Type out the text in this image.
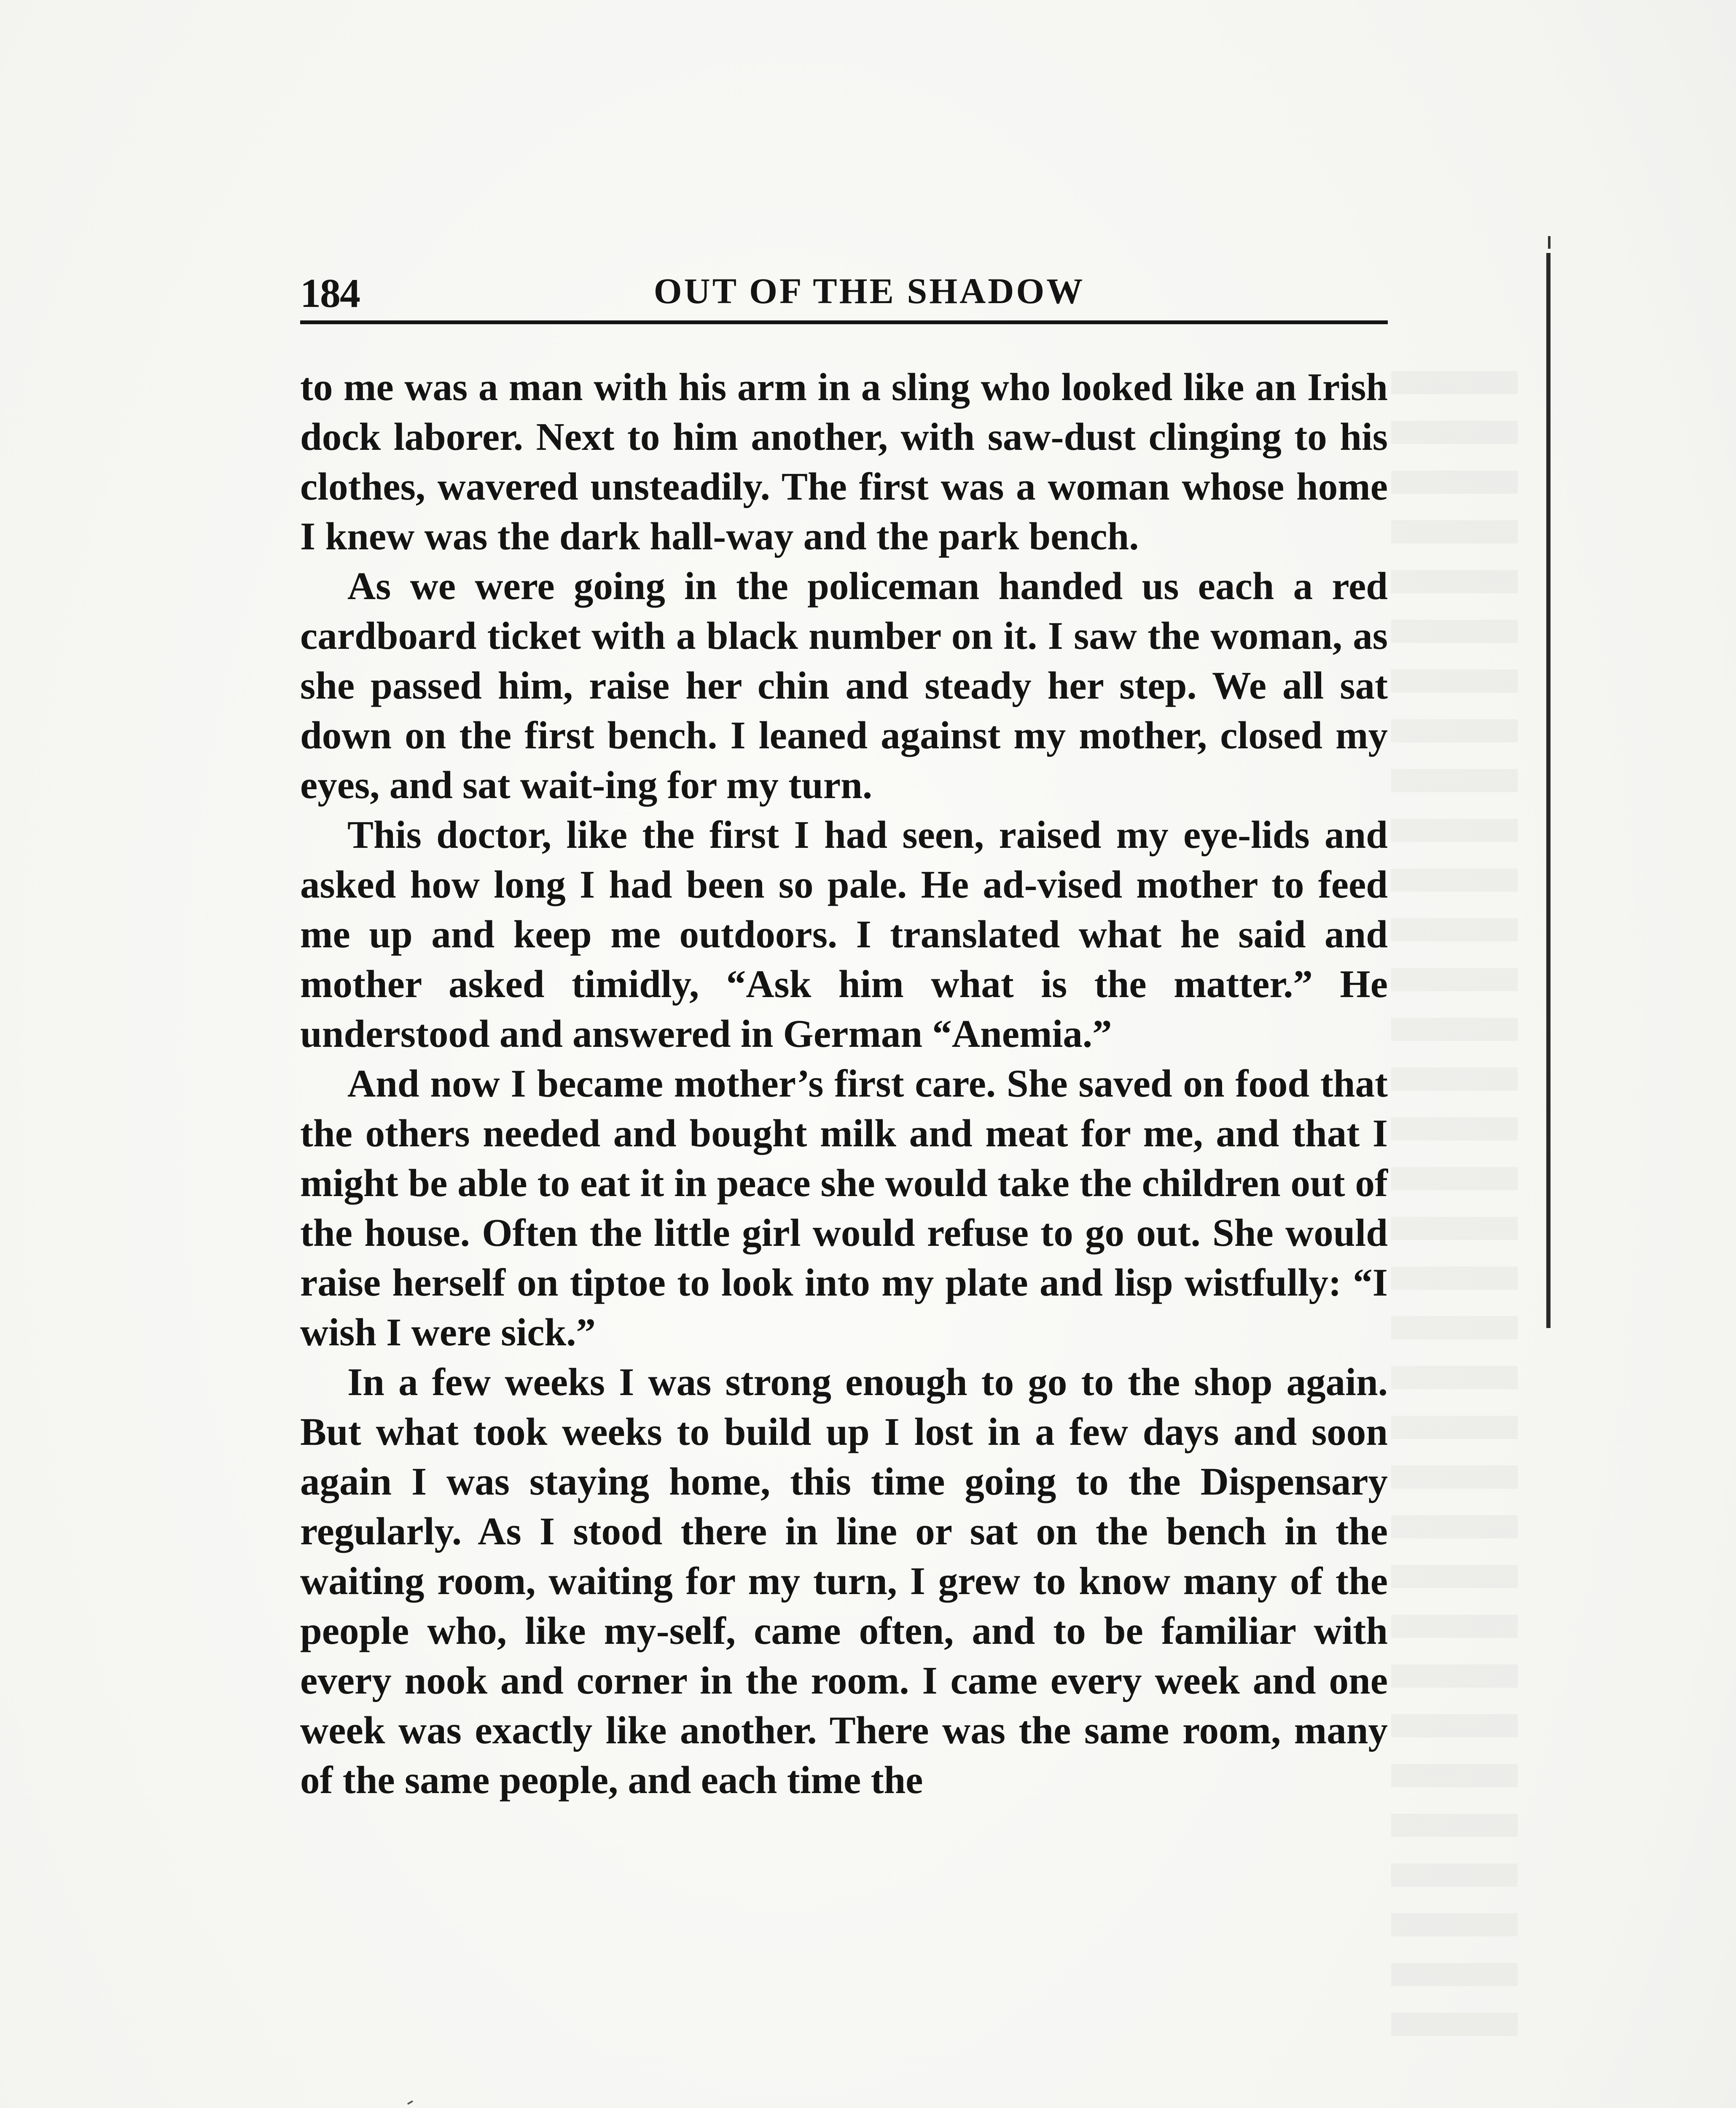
184	OUT OF THE SHADOW

to me was a man with his arm in a sling who looked like an Irish dock laborer. Next to him another, with saw-dust clinging to his clothes, wavered unsteadily. The first was a woman whose home I knew was the dark hall-way and the park bench.

As we were going in the policeman handed us each a red cardboard ticket with a black number on it. I saw the woman, as she passed him, raise her chin and steady her step. We all sat down on the first bench. I leaned against my mother, closed my eyes, and sat wait-ing for my turn.

This doctor, like the first I had seen, raised my eye-lids and asked how long I had been so pale. He ad-vised mother to feed me up and keep me outdoors. I translated what he said and mother asked timidly, “Ask him what is the matter.” He understood and answered in German “Anemia.”

And now I became mother’s first care. She saved on food that the others needed and bought milk and meat for me, and that I might be able to eat it in peace she would take the children out of the house. Often the little girl would refuse to go out. She would raise herself on tiptoe to look into my plate and lisp wistfully: “I wish I were sick.”

In a few weeks I was strong enough to go to the shop again. But what took weeks to build up I lost in a few days and soon again I was staying home, this time going to the Dispensary regularly. As I stood there in line or sat on the bench in the waiting room, waiting for my turn, I grew to know many of the people who, like my-self, came often, and to be familiar with every nook and corner in the room. I came every week and one week was exactly like another. There was the same room, many of the same people, and each time the
